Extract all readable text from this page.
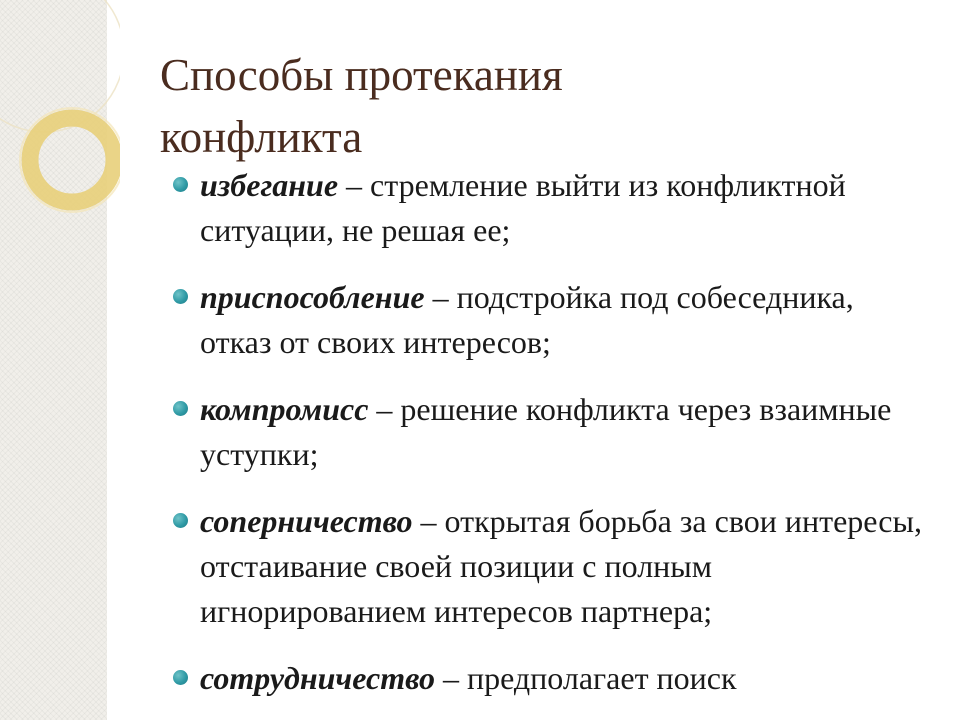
Способы протекания
конфликта
избегание – стремление выйти из конфликтной ситуации, не решая ее;
приспособление – подстройка под собеседника, отказ от своих интересов;
компромисс – решение конфликта через взаимные уступки;
соперничество – открытая борьба за свои интересы, отстаивание своей позиции с полным игнорированием интересов партнера;
сотрудничество – предполагает поиск
